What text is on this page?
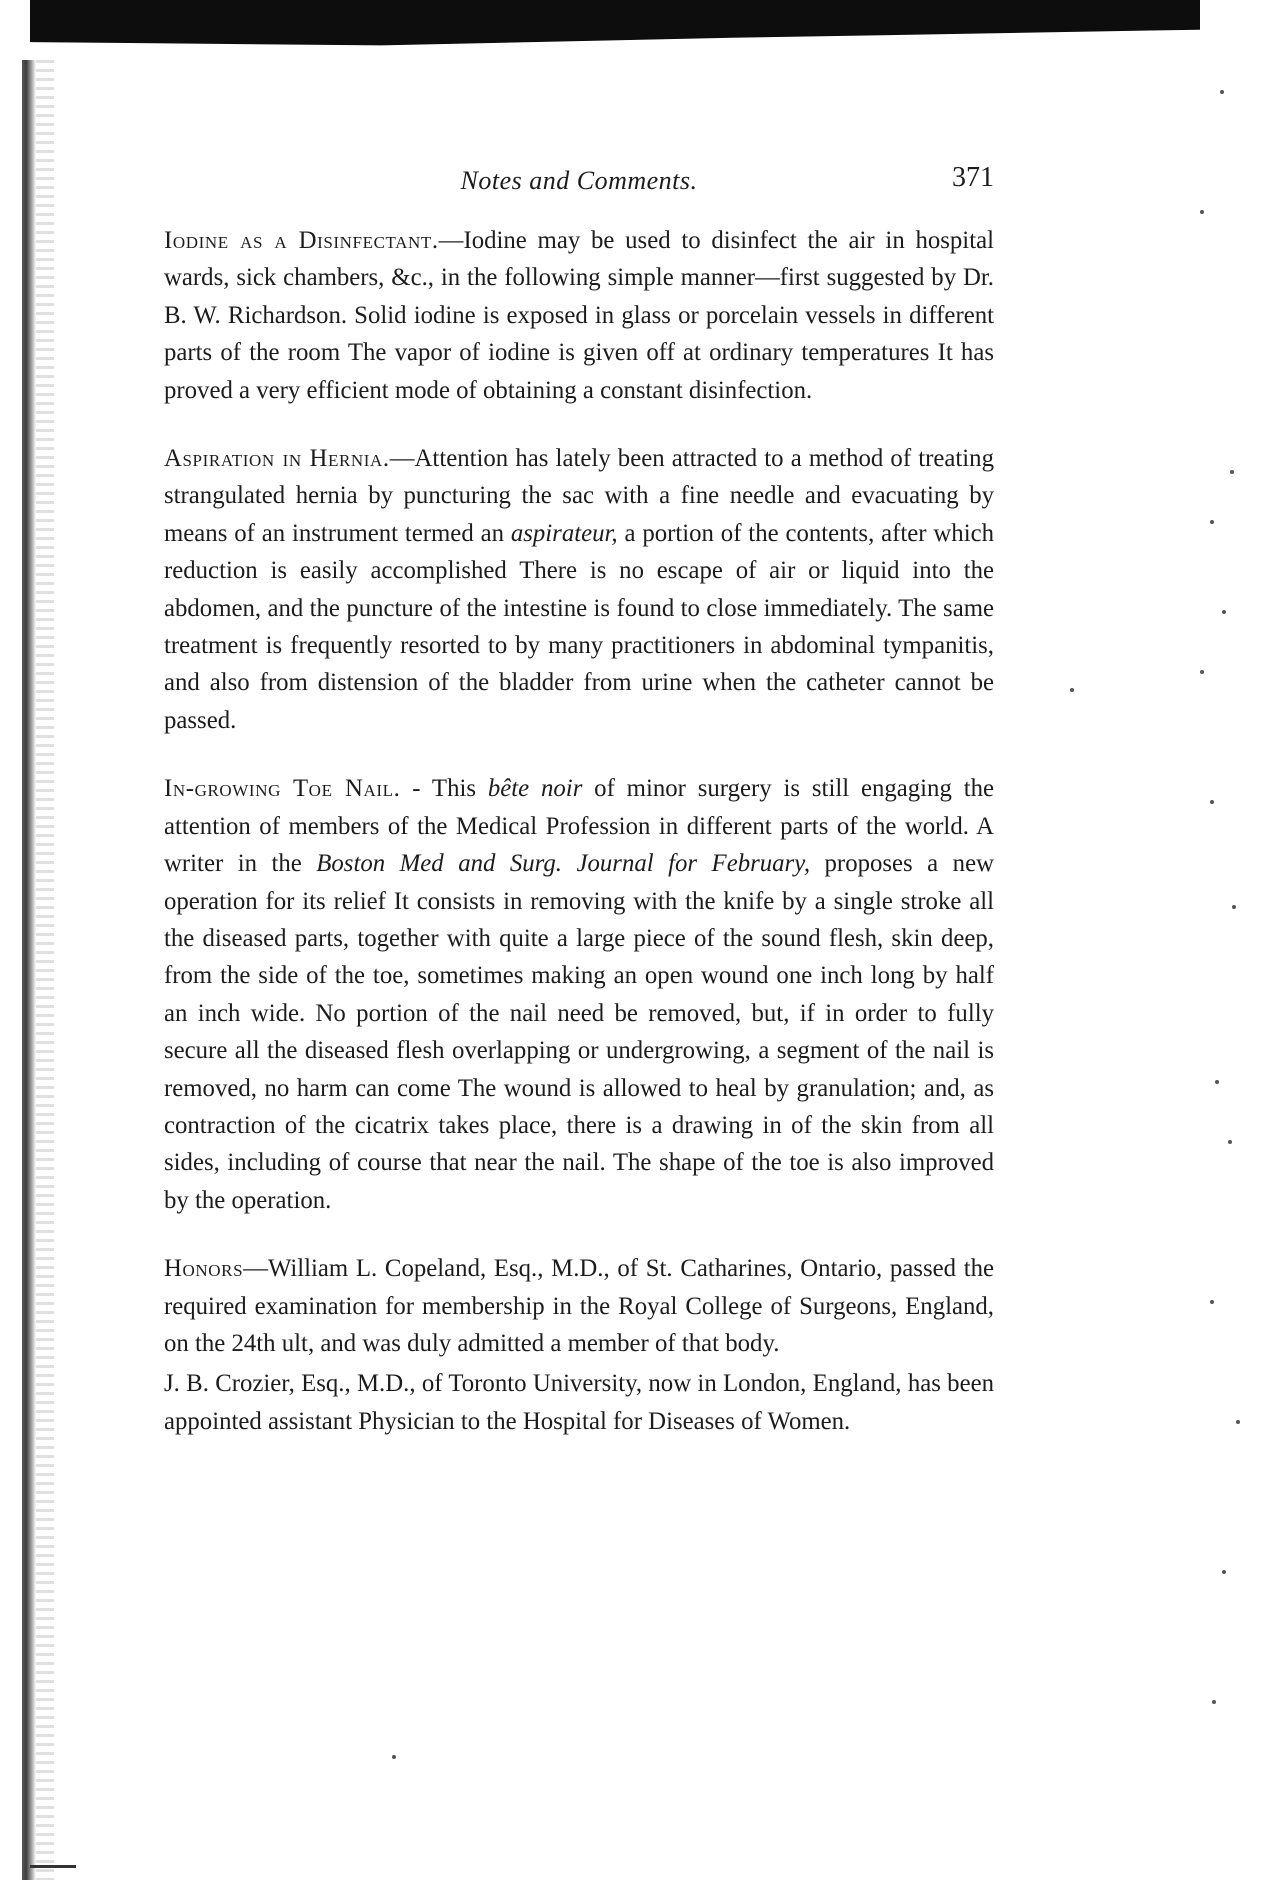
Notes and Comments.	371

Iodine as a Disinfectant.—Iodine may be used to disinfect the air in hospital wards, sick chambers, &c., in the following simple manner—first suggested by Dr. B. W. Richardson. Solid iodine is exposed in glass or porcelain vessels in different parts of the room The vapor of iodine is given off at ordinary temperatures It has proved a very efficient mode of obtaining a constant disinfection.

Aspiration in Hernia.—Attention has lately been attracted to a method of treating strangulated hernia by puncturing the sac with a fine needle and evacuating by means of an instrument termed an aspirateur, a portion of the contents, after which reduction is easily accomplished There is no escape of air or liquid into the abdomen, and the puncture of the intestine is found to close immediately. The same treatment is frequently resorted to by many practitioners in abdominal tympanitis, and also from distension of the bladder from urine when the catheter cannot be passed.

In-growing Toe Nail. - This bête noir of minor surgery is still engaging the attention of members of the Medical Profession in different parts of the world. A writer in the Boston Med and Surg. Journal for February, proposes a new operation for its relief It consists in removing with the knife by a single stroke all the diseased parts, together with quite a large piece of the sound flesh, skin deep, from the side of the toe, sometimes making an open wound one inch long by half an inch wide. No portion of the nail need be removed, but, if in order to fully secure all the diseased flesh overlapping or undergrowing, a segment of the nail is removed, no harm can come The wound is allowed to heal by granulation; and, as contraction of the cicatrix takes place, there is a drawing in of the skin from all sides, including of course that near the nail. The shape of the toe is also improved by the operation.

Honors—William L. Copeland, Esq., M.D., of St. Catharines, Ontario, passed the required examination for membership in the Royal College of Surgeons, England, on the 24th ult, and was duly admitted a member of that body.

J. B. Crozier, Esq., M.D., of Toronto University, now in London, England, has been appointed assistant Physician to the Hospital for Diseases of Women.
